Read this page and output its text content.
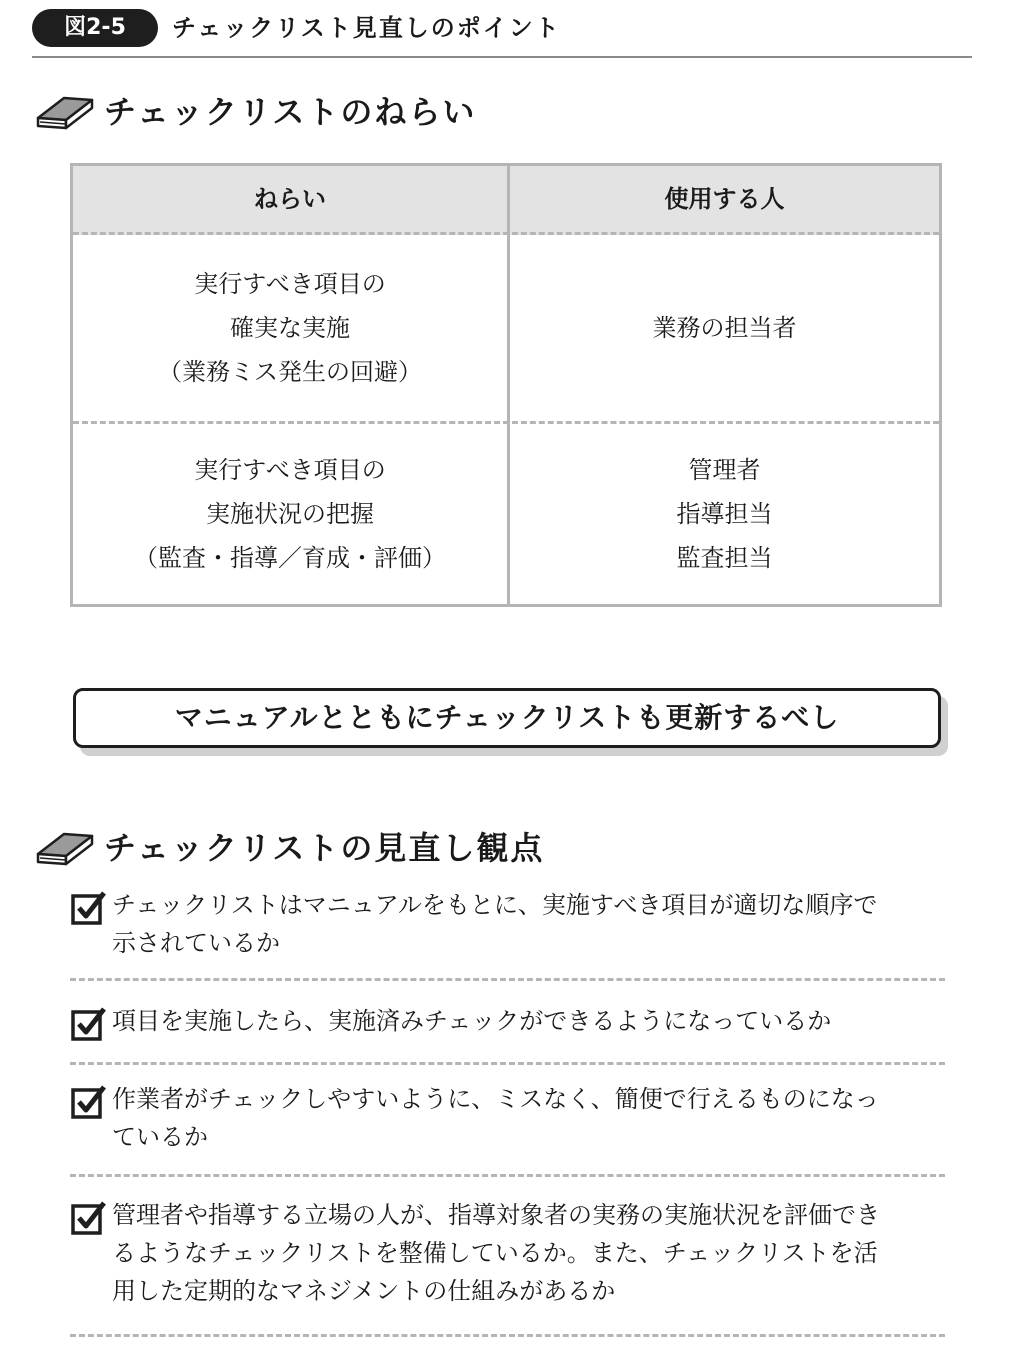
図2-5	チェックリスト見直しのポイント
チェックリストのねらい
ねらい	使用する人
実行すべき項目の
確実な実施
（業務ミス発生の回避）
業務の担当者
実行すべき項目の
実施状況の把握
（監査・指導／育成・評価）
管理者
指導担当
監査担当
マニュアルとともにチェックリストも更新するべし
チェックリストの見直し観点
チェックリストはマニュアルをもとに、実施すべき項目が適切な順序で
示されているか
項目を実施したら、実施済みチェックができるようになっているか
作業者がチェックしやすいように、ミスなく、簡便で行えるものになっ
ているか
管理者や指導する立場の人が、指導対象者の実務の実施状況を評価でき
るようなチェックリストを整備しているか。また、チェックリストを活
用した定期的なマネジメントの仕組みがあるか
